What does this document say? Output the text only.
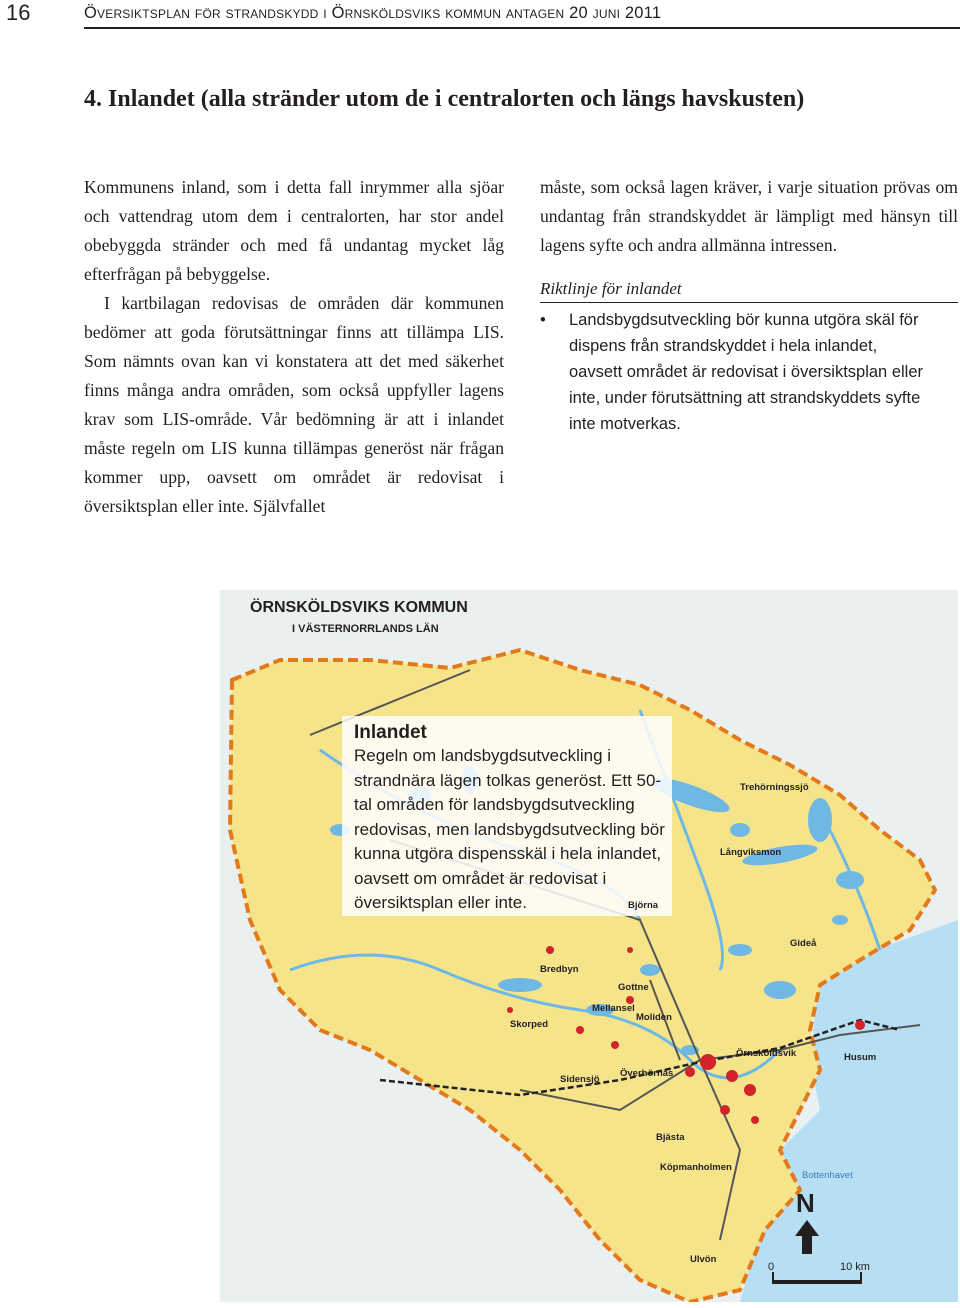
16	Översiktsplan för strandskydd i Örnsköldsviks kommun antagen 20 juni 2011
4. Inlandet (alla stränder utom de i centralorten och längs havskusten)

Kommunens inland, som i detta fall inrymmer alla sjöar och vattendrag utom dem i centralorten, har stor andel obebyggda stränder och med få undantag mycket låg efterfrågan på bebyggelse.

I kartbilagan redovisas de områden där kommunen bedömer att goda förutsättningar finns att tillämpa LIS. Som nämnts ovan kan vi konstatera att det med säkerhet finns många andra områden, som också uppfyller lagens krav som LIS-område. Vår bedömning är att i inlandet måste regeln om LIS kunna tillämpas generöst när frågan kommer upp, oavsett om området är redovisat i översiktsplan eller inte. Självfallet

måste, som också lagen kräver, i varje situation prövas om undantag från strandskyddet är lämpligt med hänsyn till lagens syfte och andra allmänna intressen.

Riktlinje för inlandet
• Landsbygdsutveckling bör kunna utgöra skäl för dispens från strandskyddet i hela inlandet, oavsett området är redovisat i översiktsplan eller inte, under förutsättning att strandskyddets syfte inte motverkas.
ÖRNSKÖLDSVIKS KOMMUN
I VÄSTERNORRLANDS LÄN
Inlandet
Regeln om landsbygdsutveckling i strandnära lägen tolkas generöst. Ett 50-tal områden för landsbygdsutveckling redovisas, men landsbygdsutveckling bör kunna utgöra dispensskäl i hela inlandet, oavsett om området är redovisat i översiktsplan eller inte.
Trehörningssjö
Långviksmon
Gideå
Bredbyn
Gottne
Mellansel
Moliden
Skorped
Sidensjö
Överhörnäs
Husum
Örnsköldsvik
Björna
Bjästa
Köpmanholmen
Ulvön
Bottenhavet
N
0	10 km
